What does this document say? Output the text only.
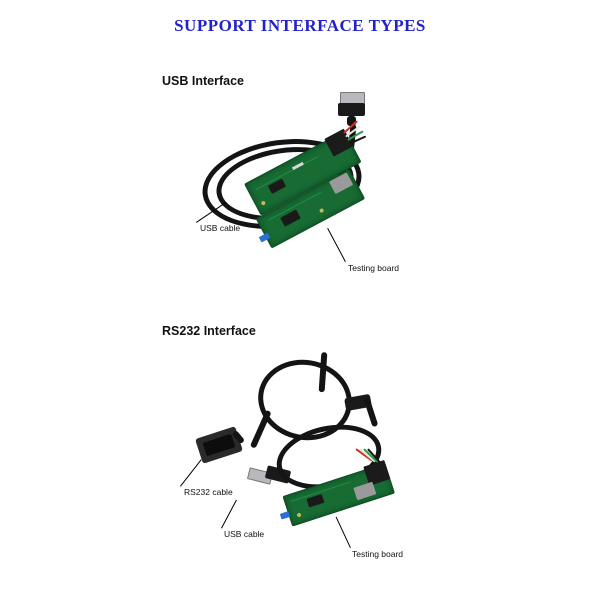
SUPPORT INTERFACE TYPES
USB Interface
USB cable
Testing board
RS232 Interface
RS232 cable
USB cable
Testing board
